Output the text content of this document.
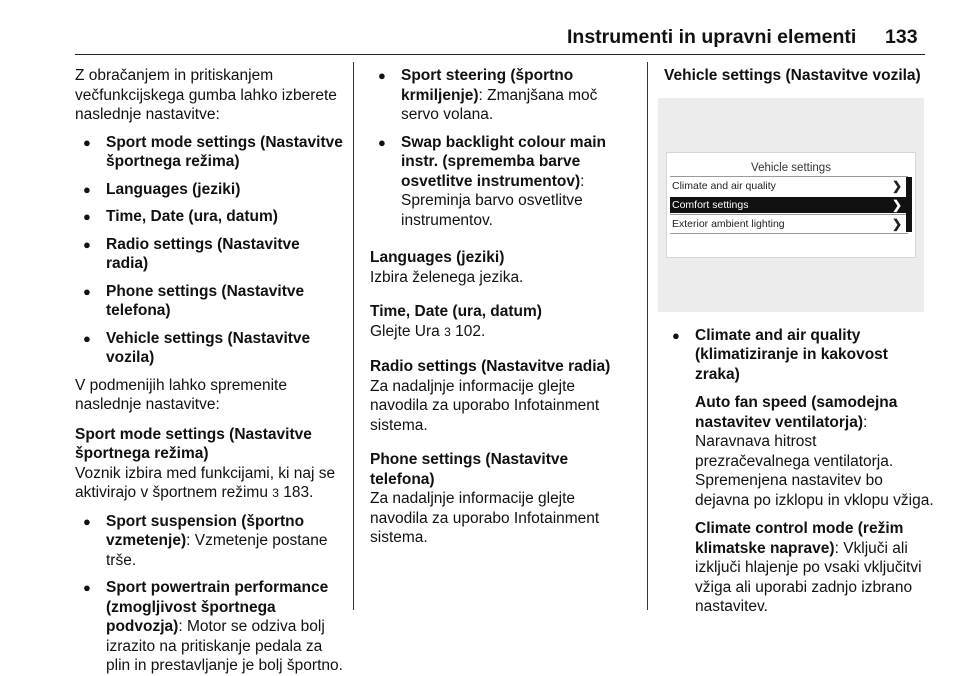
Instrumenti in upravni elementi 133

Z obračanjem in pritiskanjem večfunkcijskega gumba lahko izberete naslednje nastavitve:

● Sport mode settings (Nastavitve športnega režima)

● Languages (jeziki)

● Time, Date (ura, datum)

● Radio settings (Nastavitve radia)

● Phone settings (Nastavitve telefona)

● Vehicle settings (Nastavitve vozila)

V podmenijih lahko spremenite naslednje nastavitve:

Sport mode settings (Nastavitve športnega režima)

Voznik izbira med funkcijami, ki naj se aktivirajo v športnem režimu 3 183.

● Sport suspension (športno vzmetenje): Vzmetenje postane trše.

● Sport powertrain performance (zmogljivost športnega podvozja): Motor se odziva bolj izrazito na pritiskanje pedala za plin in prestavljanje je bolj športno.

● Sport steering (športno krmiljenje): Zmanjšana moč servo volana.

● Swap backlight colour main instr. (sprememba barve osvetlitve instrumentov): Spreminja barvo osvetlitve instrumentov.

Languages (jeziki)

Izbira želenega jezika.

Time, Date (ura, datum)

Glejte Ura 3 102.

Radio settings (Nastavitve radia)

Za nadaljnje informacije glejte navodila za uporabo Infotainment sistema.

Phone settings (Nastavitve telefona)

Za nadaljnje informacije glejte navodila za uporabo Infotainment sistema.

Vehicle settings (Nastavitve vozila)

Vehicle settings
Climate and air quality	❯
Comfort settings	❯
Exterior ambient lighting	❯

● Climate and air quality (klimatiziranje in kakovost zraka)

Auto fan speed (samodejna nastavitev ventilatorja): Naravnava hitrost prezračevalnega ventilatorja. Spremenjena nastavitev bo dejavna po izklopu in vklopu vžiga.

Climate control mode (režim klimatske naprave): Vključi ali izključi hlajenje po vsaki vključitvi vžiga ali uporabi zadnjo izbrano nastavitev.
